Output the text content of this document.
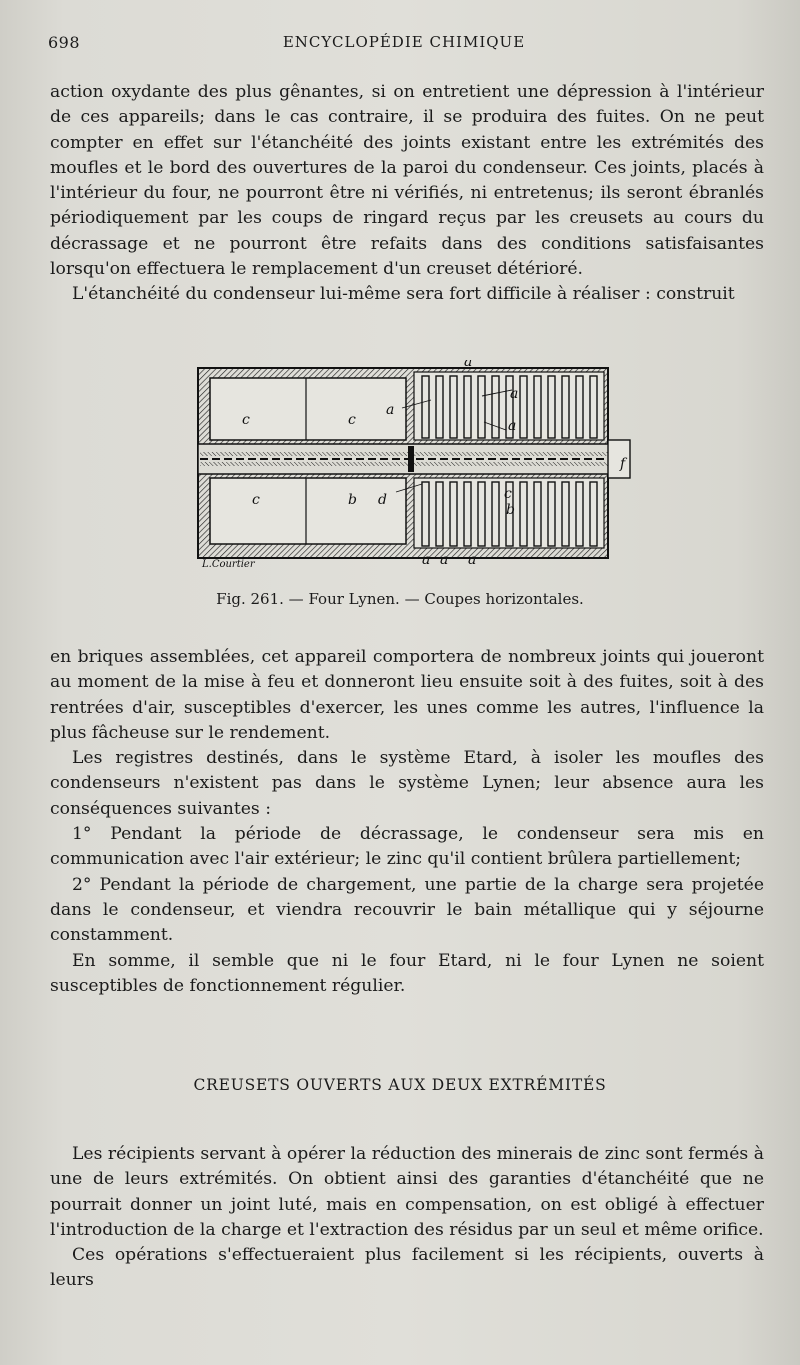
698	ENCYCLOPÉDIE CHIMIQUE

action oxydante des plus gênantes, si on entretient une dépression à l'intérieur de ces appareils; dans le cas contraire, il se produira des fuites. On ne peut compter en effet sur l'étanchéité des joints existant entre les extrémités des moufles et le bord des ouvertures de la paroi du condenseur. Ces joints, placés à l'intérieur du four, ne pourront être ni vérifiés, ni entretenus; ils seront ébranlés périodiquement par les coups de ringard reçus par les creusets au cours du décrassage et ne pourront être refaits dans des conditions satisfaisantes lorsqu'on effectuera le remplacement d'un creuset détérioré.

L'étanchéité du condenseur lui-même sera fort difficile à réaliser : construit

a
a
a
a
c	c
c	c
b
b
d
f
a a a
L.Courtier
Fig. 261. — Four Lynen. — Coupes horizontales.

en briques assemblées, cet appareil comportera de nombreux joints qui joueront au moment de la mise à feu et donneront lieu ensuite soit à des fuites, soit à des rentrées d'air, susceptibles d'exercer, les unes comme les autres, l'influence la plus fâcheuse sur le rendement.

Les registres destinés, dans le système Etard, à isoler les moufles des condenseurs n'existent pas dans le système Lynen; leur absence aura les conséquences suivantes :

1° Pendant la période de décrassage, le condenseur sera mis en communication avec l'air extérieur; le zinc qu'il contient brûlera partiellement;

2° Pendant la période de chargement, une partie de la charge sera projetée dans le condenseur, et viendra recouvrir le bain métallique qui y séjourne constamment.

En somme, il semble que ni le four Etard, ni le four Lynen ne soient susceptibles de fonctionnement régulier.

CREUSETS OUVERTS AUX DEUX EXTRÉMITÉS

Les récipients servant à opérer la réduction des minerais de zinc sont fermés à une de leurs extrémités. On obtient ainsi des garanties d'étanchéité que ne pourrait donner un joint luté, mais en compensation, on est obligé à effectuer l'introduction de la charge et l'extraction des résidus par un seul et même orifice.

Ces opérations s'effectueraient plus facilement si les récipients, ouverts à leurs
